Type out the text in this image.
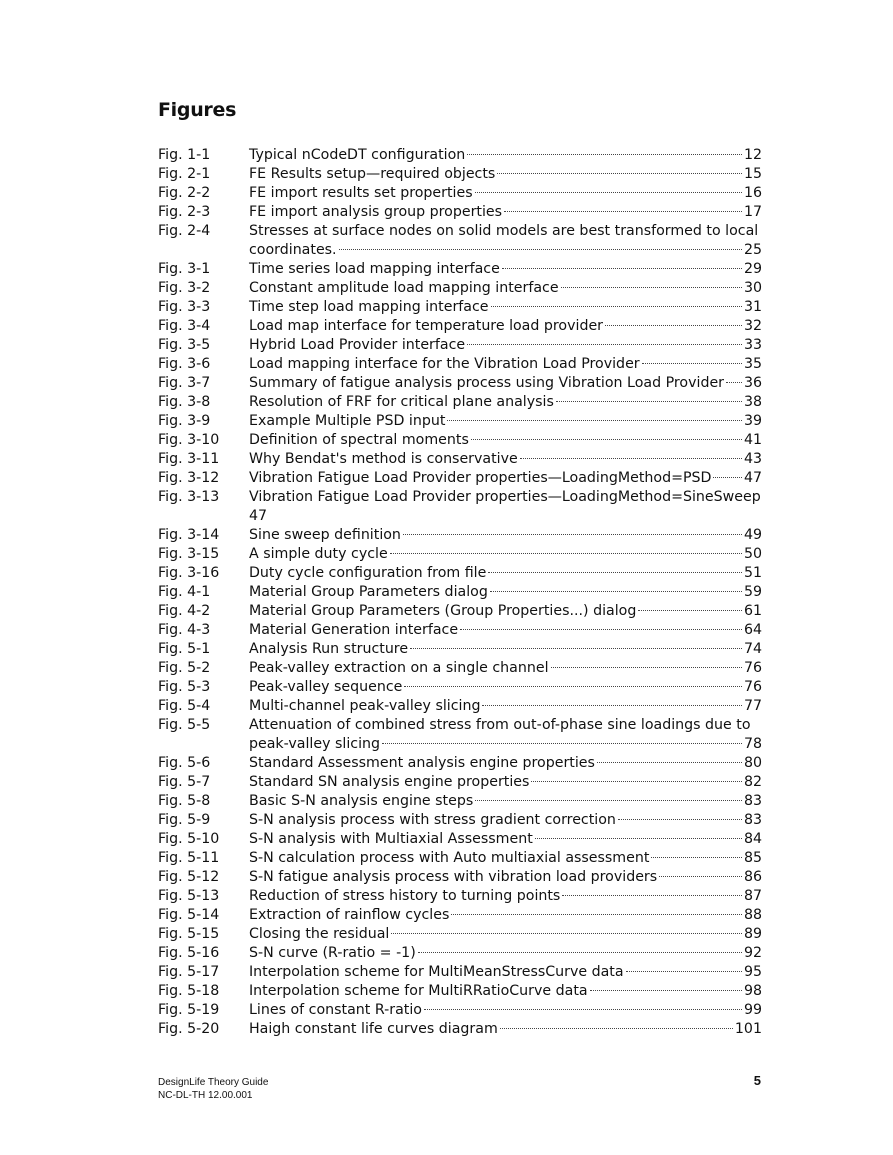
Figures
Fig. 1-1	Typical nCodeDT configuration	12
Fig. 2-1	FE Results setup—required objects	15
Fig. 2-2	FE import results set properties	16
Fig. 2-3	FE import analysis group properties	17
Fig. 2-4	Stresses at surface nodes on solid models are best transformed to local
coordinates.	25
Fig. 3-1	Time series load mapping interface	29
Fig. 3-2	Constant amplitude load mapping interface	30
Fig. 3-3	Time step load mapping interface	31
Fig. 3-4	Load map interface for temperature load provider	32
Fig. 3-5	Hybrid Load Provider interface	33
Fig. 3-6	Load mapping interface for the Vibration Load Provider	35
Fig. 3-7	Summary of fatigue analysis process using Vibration Load Provider 36
Fig. 3-8	Resolution of FRF for critical plane analysis	38
Fig. 3-9	Example Multiple PSD input	39
Fig. 3-10	Definition of spectral moments	41
Fig. 3-11	Why Bendat's method is conservative	43
Fig. 3-12	Vibration Fatigue Load Provider properties—LoadingMethod=PSD 47
Fig. 3-13	Vibration Fatigue Load Provider properties—LoadingMethod=SineSweep
47
Fig. 3-14	Sine sweep definition	49
Fig. 3-15	A simple duty cycle	50
Fig. 3-16	Duty cycle configuration from file	51
Fig. 4-1	Material Group Parameters dialog	59
Fig. 4-2	Material Group Parameters (Group Properties...) dialog	61
Fig. 4-3	Material Generation interface	64
Fig. 5-1	Analysis Run structure	74
Fig. 5-2	Peak-valley extraction on a single channel	76
Fig. 5-3	Peak-valley sequence	76
Fig. 5-4	Multi-channel peak-valley slicing	77
Fig. 5-5	Attenuation of combined stress from out-of-phase sine loadings due to
peak-valley slicing	78
Fig. 5-6	Standard Assessment analysis engine properties	80
Fig. 5-7	Standard SN analysis engine properties	82
Fig. 5-8	Basic S-N analysis engine steps	83
Fig. 5-9	S-N analysis process with stress gradient correction	83
Fig. 5-10	S-N analysis with Multiaxial Assessment	84
Fig. 5-11	S-N calculation process with Auto multiaxial assessment	85
Fig. 5-12	S-N fatigue analysis process with vibration load providers	86
Fig. 5-13	Reduction of stress history to turning points	87
Fig. 5-14	Extraction of rainflow cycles	88
Fig. 5-15	Closing the residual	89
Fig. 5-16	S-N curve (R-ratio = -1)	92
Fig. 5-17	Interpolation scheme for MultiMeanStressCurve data	95
Fig. 5-18	Interpolation scheme for MultiRRatioCurve data	98
Fig. 5-19	Lines of constant R-ratio	99
Fig. 5-20	Haigh constant life curves diagram	101
DesignLife Theory Guide
NC-DL-TH 12.00.001
5
